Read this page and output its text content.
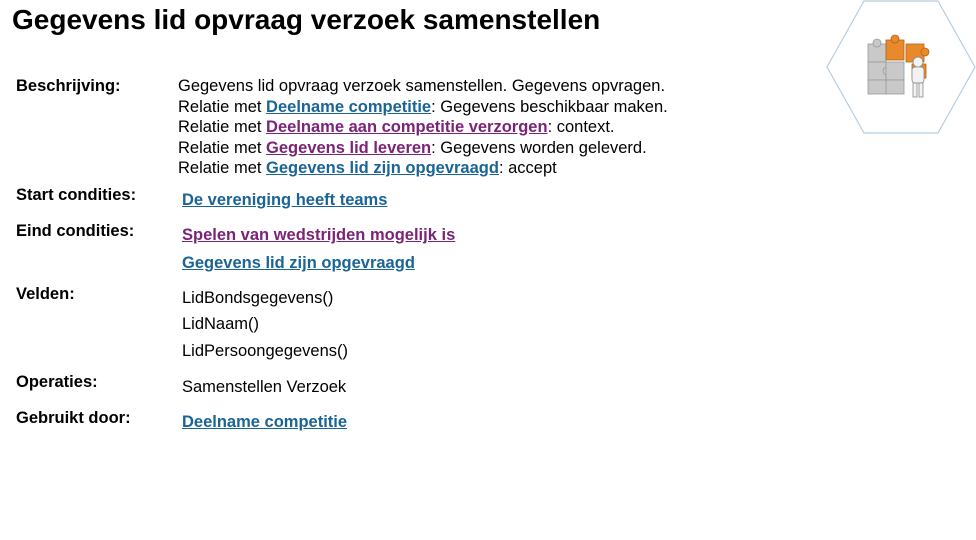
Gegevens lid opvraag verzoek samenstellen
Beschrijving:	Gegevens lid opvraag verzoek samenstellen. Gegevens opvragen.
Relatie met Deelname competitie: Gegevens beschikbaar maken.
Relatie met Deelname aan competitie verzorgen: context.
Relatie met Gegevens lid leveren: Gegevens worden geleverd.
Relatie met Gegevens lid zijn opgevraagd: accept
Start condities:	De vereniging heeft teams
Eind condities:	Spelen van wedstrijden mogelijk is
Gegevens lid zijn opgevraagd
Velden:	LidBondsgegevens()
LidNaam()
LidPersoongegevens()
Operaties:	Samenstellen Verzoek
Gebruikt door:	Deelname competitie
